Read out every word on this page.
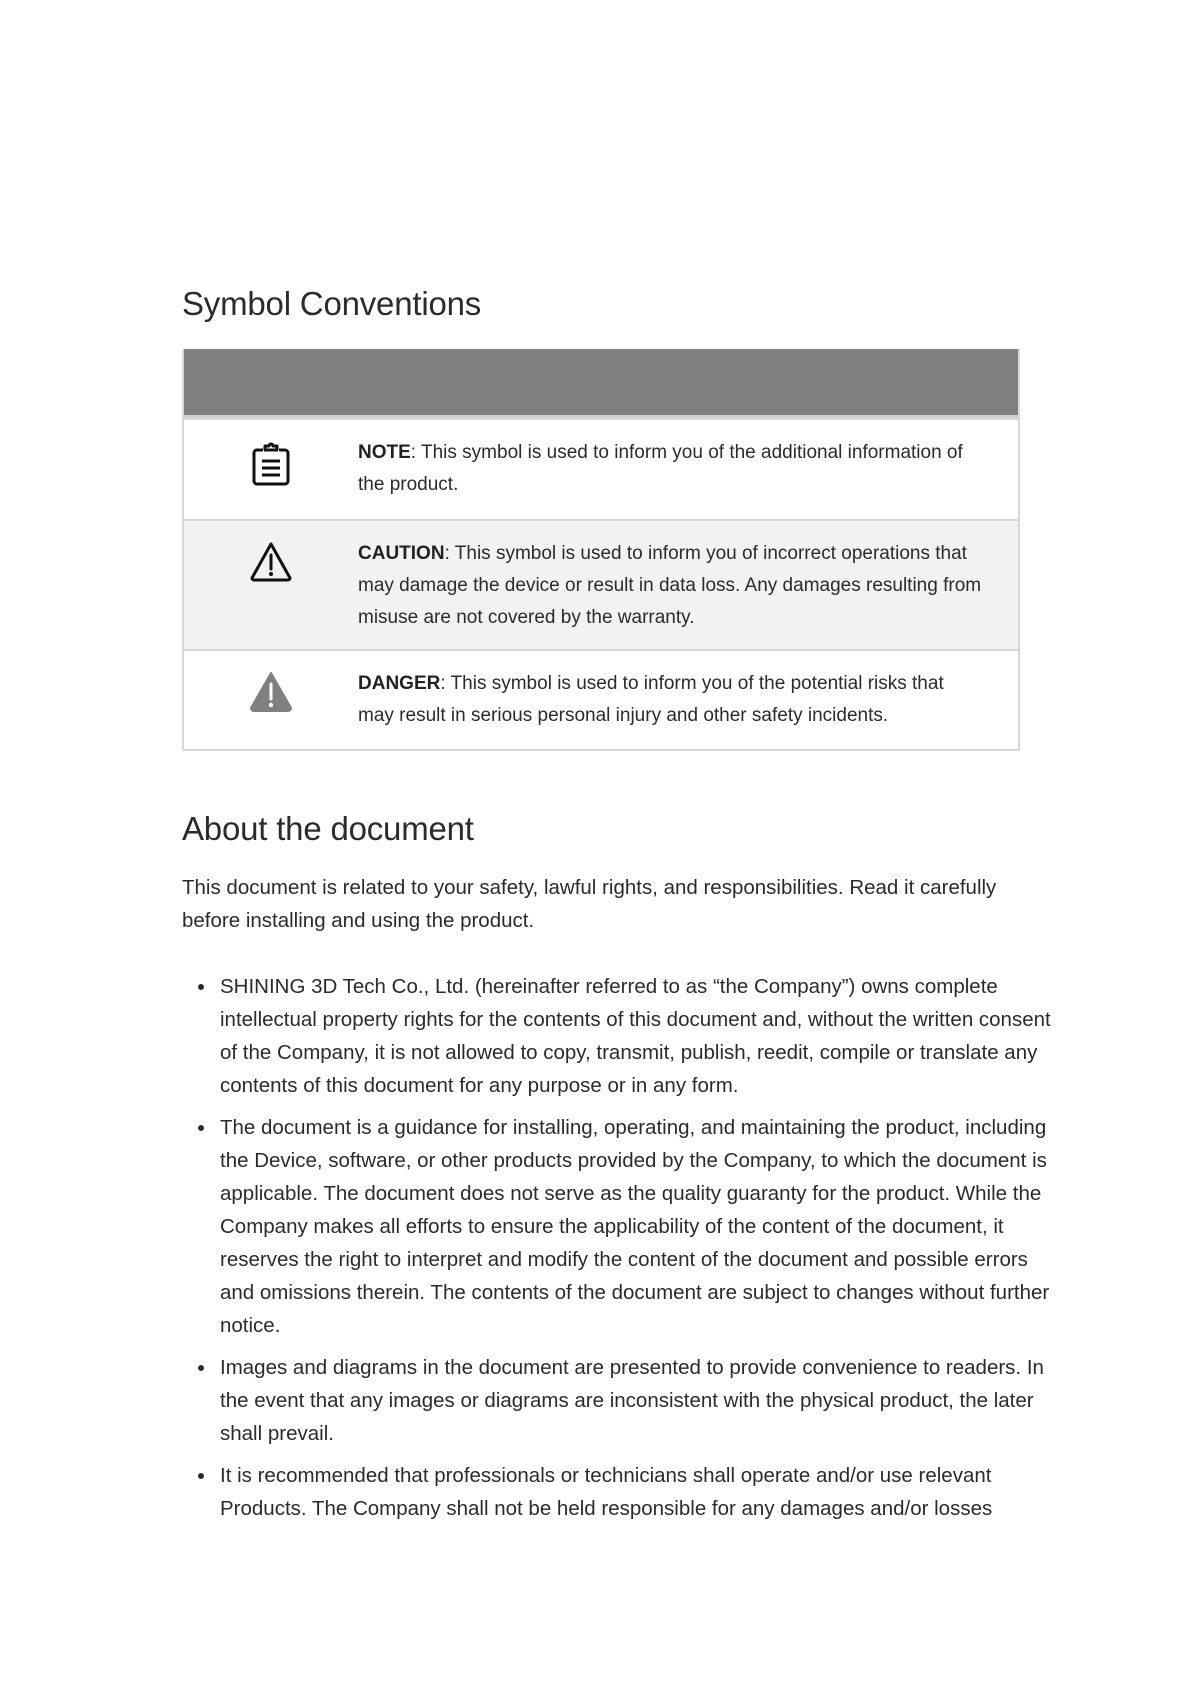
Symbol Conventions
NOTE: This symbol is used to inform you of the additional information of the product.
CAUTION: This symbol is used to inform you of incorrect operations that may damage the device or result in data loss. Any damages resulting from misuse are not covered by the warranty.
DANGER: This symbol is used to inform you of the potential risks that may result in serious personal injury and other safety incidents.
About the document

This document is related to your safety, lawful rights, and responsibilities. Read it carefully before installing and using the product.

SHINING 3D Tech Co., Ltd. (hereinafter referred to as “the Company”) owns complete intellectual property rights for the contents of this document and, without the written consent of the Company, it is not allowed to copy, transmit, publish, reedit, compile or translate any contents of this document for any purpose or in any form.
The document is a guidance for installing, operating, and maintaining the product, including the Device, software, or other products provided by the Company, to which the document is applicable. The document does not serve as the quality guaranty for the product. While the Company makes all efforts to ensure the applicability of the content of the document, it reserves the right to interpret and modify the content of the document and possible errors and omissions therein. The contents of the document are subject to changes without further notice.
Images and diagrams in the document are presented to provide convenience to readers. In the event that any images or diagrams are inconsistent with the physical product, the later shall prevail.
It is recommended that professionals or technicians shall operate and/or use relevant Products. The Company shall not be held responsible for any damages and/or losses
